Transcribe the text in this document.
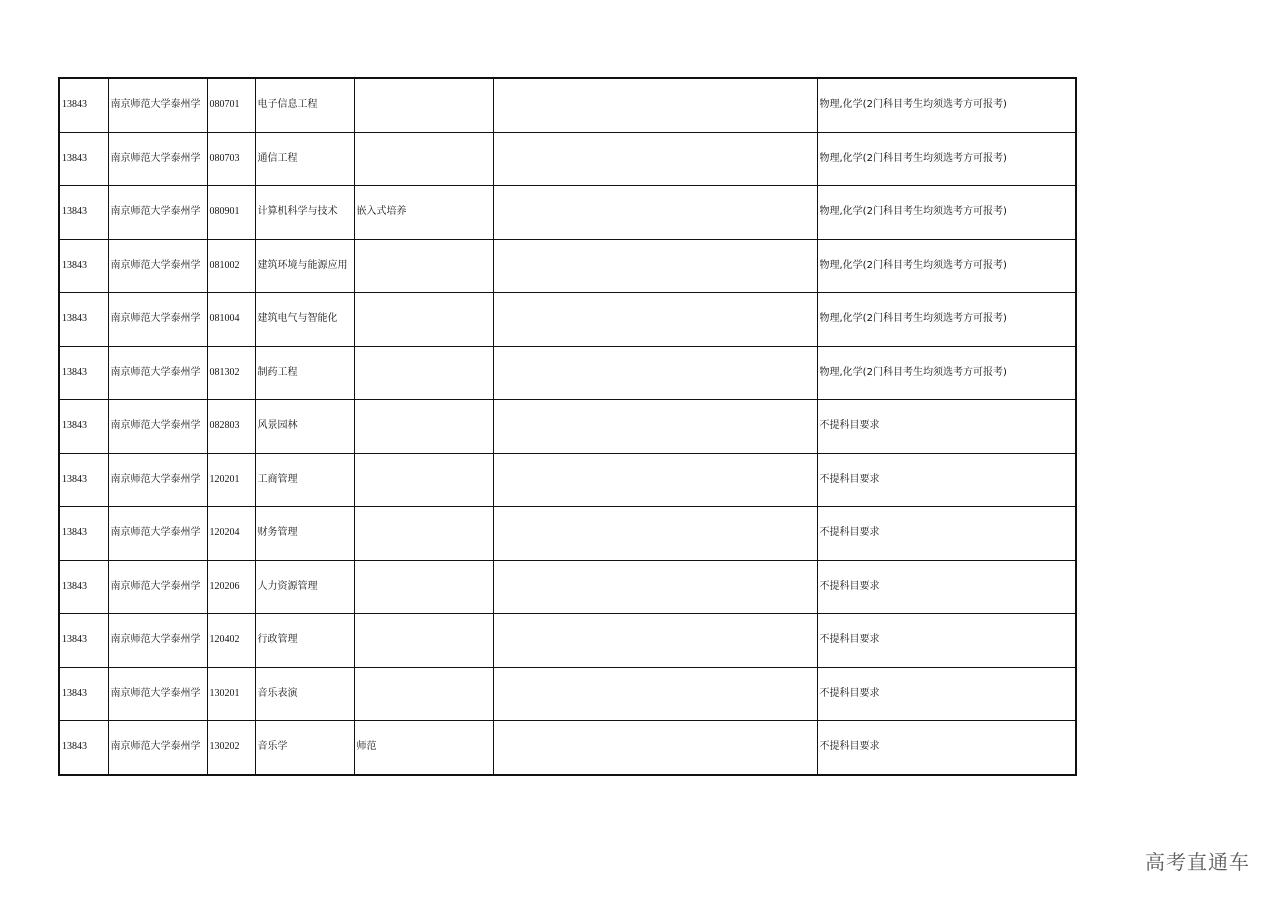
13843	南京师范大学泰州学	080701	电子信息工程			物理,化学(2门科目考生均须选考方可报考)
13843	南京师范大学泰州学	080703	通信工程			物理,化学(2门科目考生均须选考方可报考)
13843	南京师范大学泰州学	080901	计算机科学与技术	嵌入式培养		物理,化学(2门科目考生均须选考方可报考)
13843	南京师范大学泰州学	081002	建筑环境与能源应用			物理,化学(2门科目考生均须选考方可报考)
13843	南京师范大学泰州学	081004	建筑电气与智能化			物理,化学(2门科目考生均须选考方可报考)
13843	南京师范大学泰州学	081302	制药工程			物理,化学(2门科目考生均须选考方可报考)
13843	南京师范大学泰州学	082803	风景园林			不提科目要求
13843	南京师范大学泰州学	120201	工商管理			不提科目要求
13843	南京师范大学泰州学	120204	财务管理			不提科目要求
13843	南京师范大学泰州学	120206	人力资源管理			不提科目要求
13843	南京师范大学泰州学	120402	行政管理			不提科目要求
13843	南京师范大学泰州学	130201	音乐表演			不提科目要求
13843	南京师范大学泰州学	130202	音乐学	师范		不提科目要求
高考直通车
